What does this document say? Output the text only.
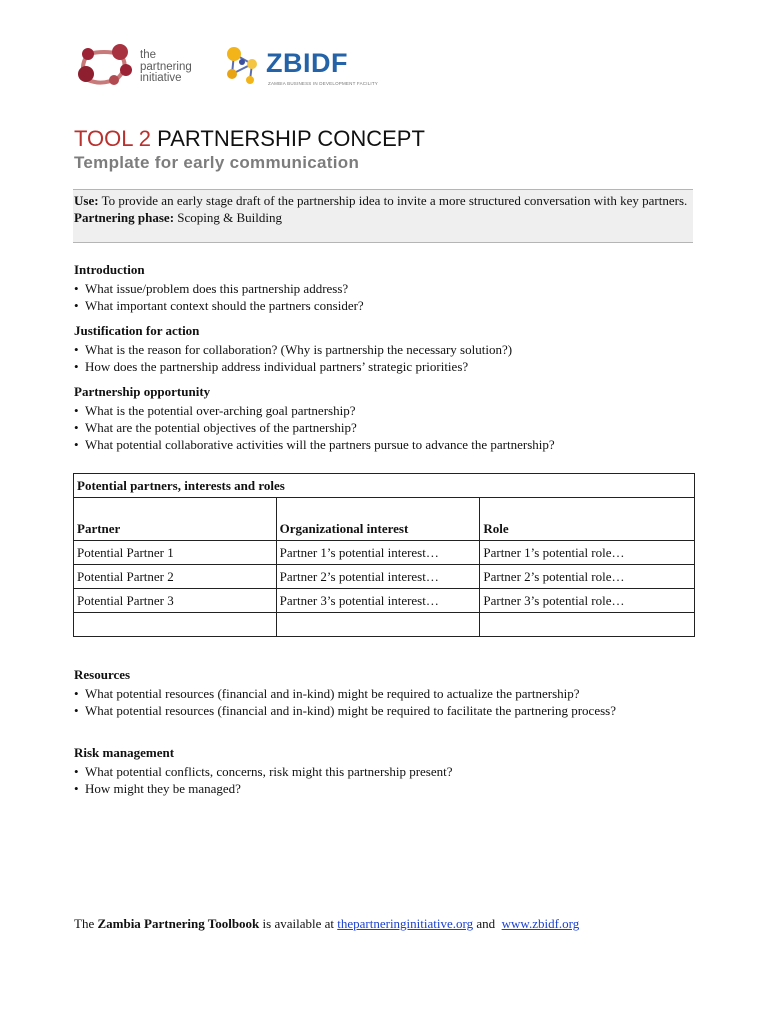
the
partnering
initiative	ZBIDF
ZAMBIA BUSINESS IN DEVELOPMENT FACILITY
TOOL 2 PARTNERSHIP CONCEPT
Template for early communication
Use: To provide an early stage draft of the partnership idea to invite a more structured conversation with key partners.
Partnering phase: Scoping & Building
Introduction
• What issue/problem does this partnership address?
• What important context should the partners consider?
Justification for action
• What is the reason for collaboration? (Why is partnership the necessary solution?)
• How does the partnership address individual partners’ strategic priorities?
Partnership opportunity
• What is the potential over-arching goal partnership?
• What are the potential objectives of the partnership?
• What potential collaborative activities will the partners pursue to advance the partnership?
Potential partners, interests and roles		
Partner	Organizational interest	Role
Potential Partner 1	Partner 1’s potential interest…	Partner 1’s potential role…
Potential Partner 2	Partner 2’s potential interest…	Partner 2’s potential role…
Potential Partner 3	Partner 3’s potential interest…	Partner 3’s potential role…

Resources
• What potential resources (financial and in-kind) might be required to actualize the partnership?
• What potential resources (financial and in-kind) might be required to facilitate the partnering process?
Risk management
• What potential conflicts, concerns, risk might this partnership present?
• How might they be managed?
The Zambia Partnering Toolbook is available at thepartneringinitiative.org and  www.zbidf.org
